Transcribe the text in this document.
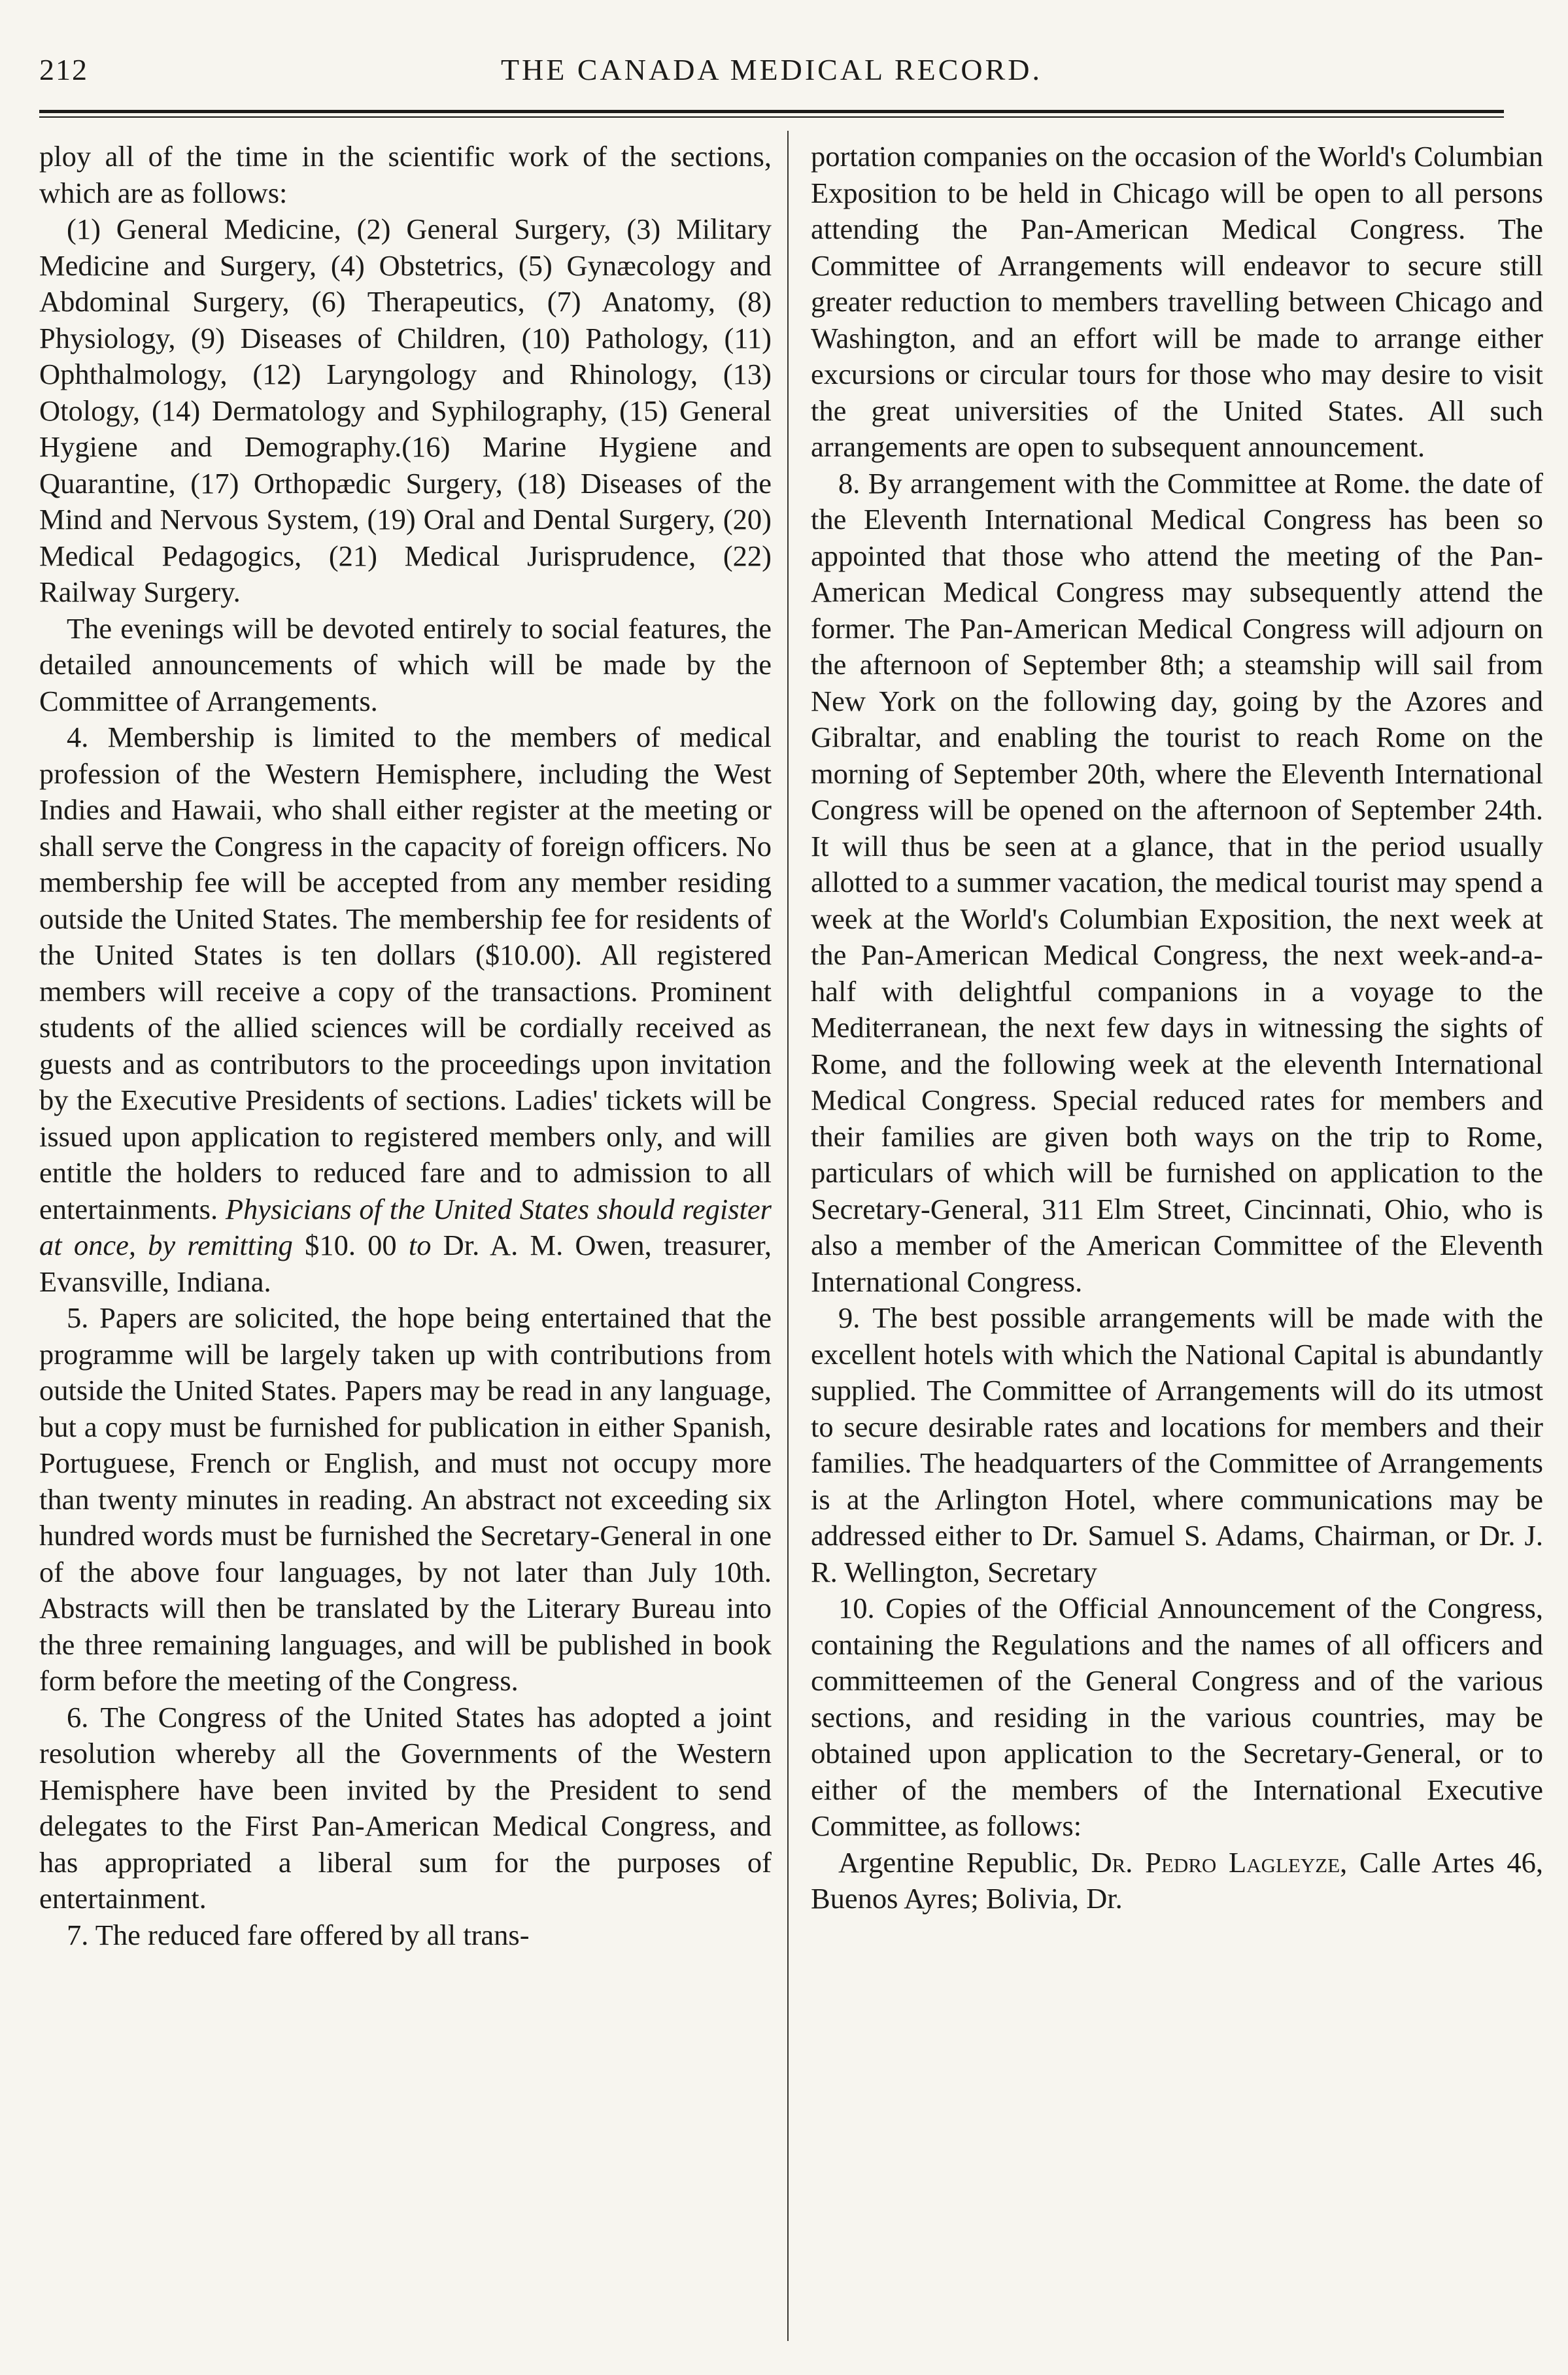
212	THE CANADA MEDICAL RECORD.

ploy all of the time in the scientific work of the sections, which are as follows:

(1) General Medicine, (2) General Surgery, (3) Military Medicine and Surgery, (4) Obstetrics, (5) Gynæcology and Abdominal Surgery, (6) Therapeutics, (7) Anatomy, (8) Physiology, (9) Diseases of Children, (10) Pathology, (11) Ophthalmology, (12) Laryngology and Rhinology, (13) Otology, (14) Dermatology and Syphilography, (15) General Hygiene and Demography.(16) Marine Hygiene and Quarantine, (17) Orthopædic Surgery, (18) Diseases of the Mind and Nervous System, (19) Oral and Dental Surgery, (20) Medical Pedagogics, (21) Medical Jurisprudence, (22) Railway Surgery.

The evenings will be devoted entirely to social features, the detailed announcements of which will be made by the Committee of Arrangements.

4. Membership is limited to the members of medical profession of the Western Hemisphere, including the West Indies and Hawaii, who shall either register at the meeting or shall serve the Congress in the capacity of foreign officers. No membership fee will be accepted from any member residing outside the United States. The membership fee for residents of the United States is ten dollars ($10.00). All registered members will receive a copy of the transactions. Prominent students of the allied sciences will be cordially received as guests and as contributors to the proceedings upon invitation by the Executive Presidents of sections. Ladies' tickets will be issued upon application to registered members only, and will entitle the holders to reduced fare and to admission to all entertainments. Physicians of the United States should register at once, by remitting $10. 00 to Dr. A. M. Owen, treasurer, Evansville, Indiana.

5. Papers are solicited, the hope being entertained that the programme will be largely taken up with contributions from outside the United States. Papers may be read in any language, but a copy must be furnished for publication in either Spanish, Portuguese, French or English, and must not occupy more than twenty minutes in reading. An abstract not exceeding six hundred words must be furnished the Secretary-General in one of the above four languages, by not later than July 10th. Abstracts will then be translated by the Literary Bureau into the three remaining languages, and will be published in book form before the meeting of the Congress.

6. The Congress of the United States has adopted a joint resolution whereby all the Governments of the Western Hemisphere have been invited by the President to send delegates to the First Pan-American Medical Congress, and has appropriated a liberal sum for the purposes of entertainment.

7. The reduced fare offered by all trans-

portation companies on the occasion of the World's Columbian Exposition to be held in Chicago will be open to all persons attending the Pan-American Medical Congress. The Committee of Arrangements will endeavor to secure still greater reduction to members travelling between Chicago and Washington, and an effort will be made to arrange either excursions or circular tours for those who may desire to visit the great universities of the United States. All such arrangements are open to subsequent announcement.

8. By arrangement with the Committee at Rome. the date of the Eleventh International Medical Congress has been so appointed that those who attend the meeting of the Pan-American Medical Congress may subsequently attend the former. The Pan-American Medical Congress will adjourn on the afternoon of September 8th; a steamship will sail from New York on the following day, going by the Azores and Gibraltar, and enabling the tourist to reach Rome on the morning of September 20th, where the Eleventh International Congress will be opened on the afternoon of September 24th. It will thus be seen at a glance, that in the period usually allotted to a summer vacation, the medical tourist may spend a week at the World's Columbian Exposition, the next week at the Pan-American Medical Congress, the next week-and-a-half with delightful companions in a voyage to the Mediterranean, the next few days in witnessing the sights of Rome, and the following week at the eleventh International Medical Congress. Special reduced rates for members and their families are given both ways on the trip to Rome, particulars of which will be furnished on application to the Secretary-General, 311 Elm Street, Cincinnati, Ohio, who is also a member of the American Committee of the Eleventh International Congress.

9. The best possible arrangements will be made with the excellent hotels with which the National Capital is abundantly supplied. The Committee of Arrangements will do its utmost to secure desirable rates and locations for members and their families. The headquarters of the Committee of Arrangements is at the Arlington Hotel, where communications may be addressed either to Dr. Samuel S. Adams, Chairman, or Dr. J. R. Wellington, Secretary

10. Copies of the Official Announcement of the Congress, containing the Regulations and the names of all officers and committeemen of the General Congress and of the various sections, and residing in the various countries, may be obtained upon application to the Secretary-General, or to either of the members of the International Executive Committee, as follows:

Argentine Republic, Dr. Pedro Lagleyze, Calle Artes 46, Buenos Ayres; Bolivia, Dr.
